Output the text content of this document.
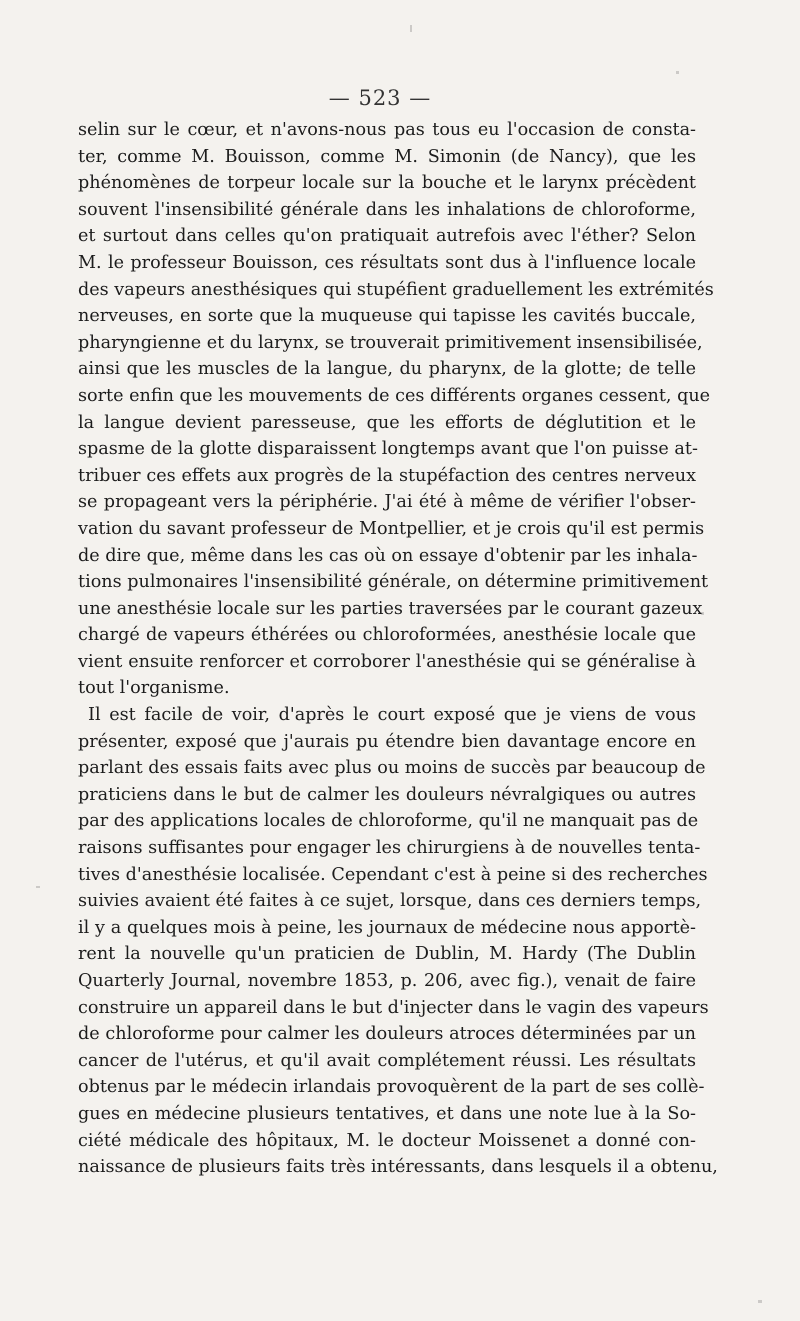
— 523 —
selin sur le cœur, et n'avons-nous pas tous eu l'occasion de consta-
ter, comme M. Bouisson, comme M. Simonin (de Nancy), que les
phénomènes de torpeur locale sur la bouche et le larynx précèdent
souvent l'insensibilité générale dans les inhalations de chloroforme,
et surtout dans celles qu'on pratiquait autrefois avec l'éther? Selon
M. le professeur Bouisson, ces résultats sont dus à l'influence locale
des vapeurs anesthésiques qui stupéfient graduellement les extrémités
nerveuses, en sorte que la muqueuse qui tapisse les cavités buccale,
pharyngienne et du larynx, se trouverait primitivement insensibilisée,
ainsi que les muscles de la langue, du pharynx, de la glotte; de telle
sorte enfin que les mouvements de ces différents organes cessent, que
la langue devient paresseuse, que les efforts de déglutition et le
spasme de la glotte disparaissent longtemps avant que l'on puisse at-
tribuer ces effets aux progrès de la stupéfaction des centres nerveux
se propageant vers la périphérie. J'ai été à même de vérifier l'obser-
vation du savant professeur de Montpellier, et je crois qu'il est permis
de dire que, même dans les cas où on essaye d'obtenir par les inhala-
tions pulmonaires l'insensibilité générale, on détermine primitivement
une anesthésie locale sur les parties traversées par le courant gazeux
chargé de vapeurs éthérées ou chloroformées, anesthésie locale que
vient ensuite renforcer et corroborer l'anesthésie qui se généralise à
tout l'organisme.
Il est facile de voir, d'après le court exposé que je viens de vous
présenter, exposé que j'aurais pu étendre bien davantage encore en
parlant des essais faits avec plus ou moins de succès par beaucoup de
praticiens dans le but de calmer les douleurs névralgiques ou autres
par des applications locales de chloroforme, qu'il ne manquait pas de
raisons suffisantes pour engager les chirurgiens à de nouvelles tenta-
tives d'anesthésie localisée. Cependant c'est à peine si des recherches
suivies avaient été faites à ce sujet, lorsque, dans ces derniers temps,
il y a quelques mois à peine, les journaux de médecine nous apportè-
rent la nouvelle qu'un praticien de Dublin, M. Hardy (The Dublin
Quarterly Journal, novembre 1853, p. 206, avec fig.), venait de faire
construire un appareil dans le but d'injecter dans le vagin des vapeurs
de chloroforme pour calmer les douleurs atroces déterminées par un
cancer de l'utérus, et qu'il avait complétement réussi. Les résultats
obtenus par le médecin irlandais provoquèrent de la part de ses collè-
gues en médecine plusieurs tentatives, et dans une note lue à la So-
ciété médicale des hôpitaux, M. le docteur Moissenet a donné con-
naissance de plusieurs faits très intéressants, dans lesquels il a obtenu,
